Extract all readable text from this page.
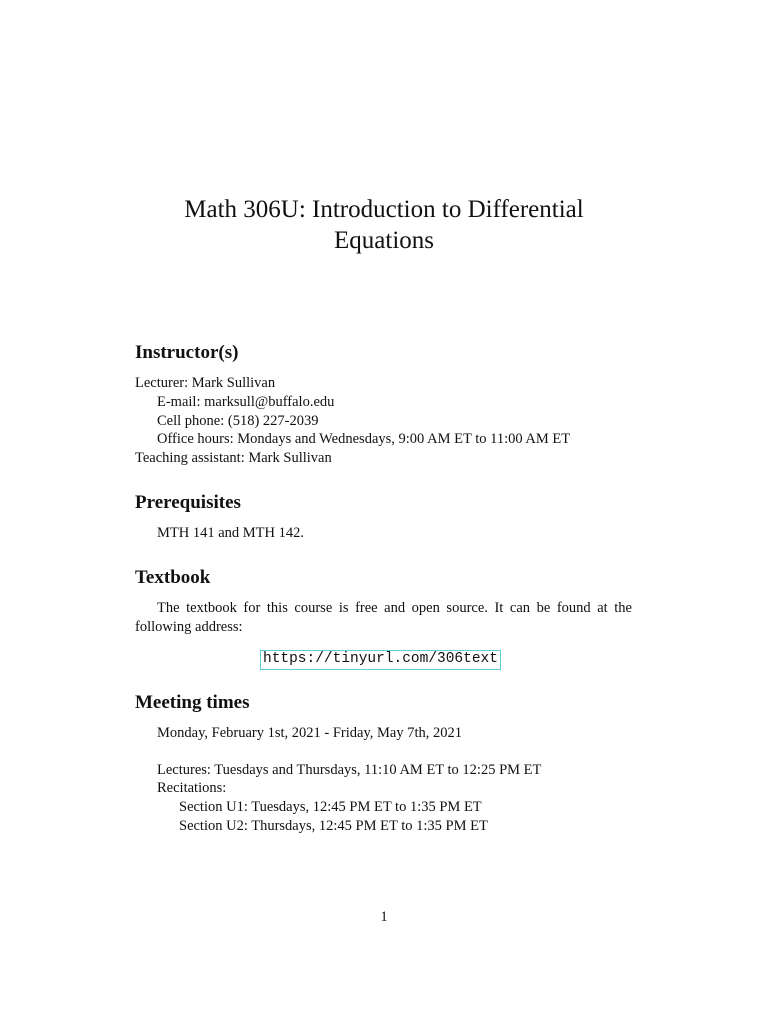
Math 306U: Introduction to Differential
Equations
Instructor(s)

Lecturer: Mark Sullivan

E-mail: marksull@buffalo.edu

Cell phone: (518) 227-2039

Office hours: Mondays and Wednesdays, 9:00 AM ET to 11:00 AM ET

Teaching assistant: Mark Sullivan

Prerequisites

MTH 141 and MTH 142.

Textbook

The textbook for this course is free and open source. It can be found at the following address:

https://tinyurl.com/306text
Meeting times

Monday, February 1st, 2021 - Friday, May 7th, 2021

Lectures: Tuesdays and Thursdays, 11:10 AM ET to 12:25 PM ET

Recitations:

Section U1: Tuesdays, 12:45 PM ET to 1:35 PM ET

Section U2: Thursdays, 12:45 PM ET to 1:35 PM ET

1
